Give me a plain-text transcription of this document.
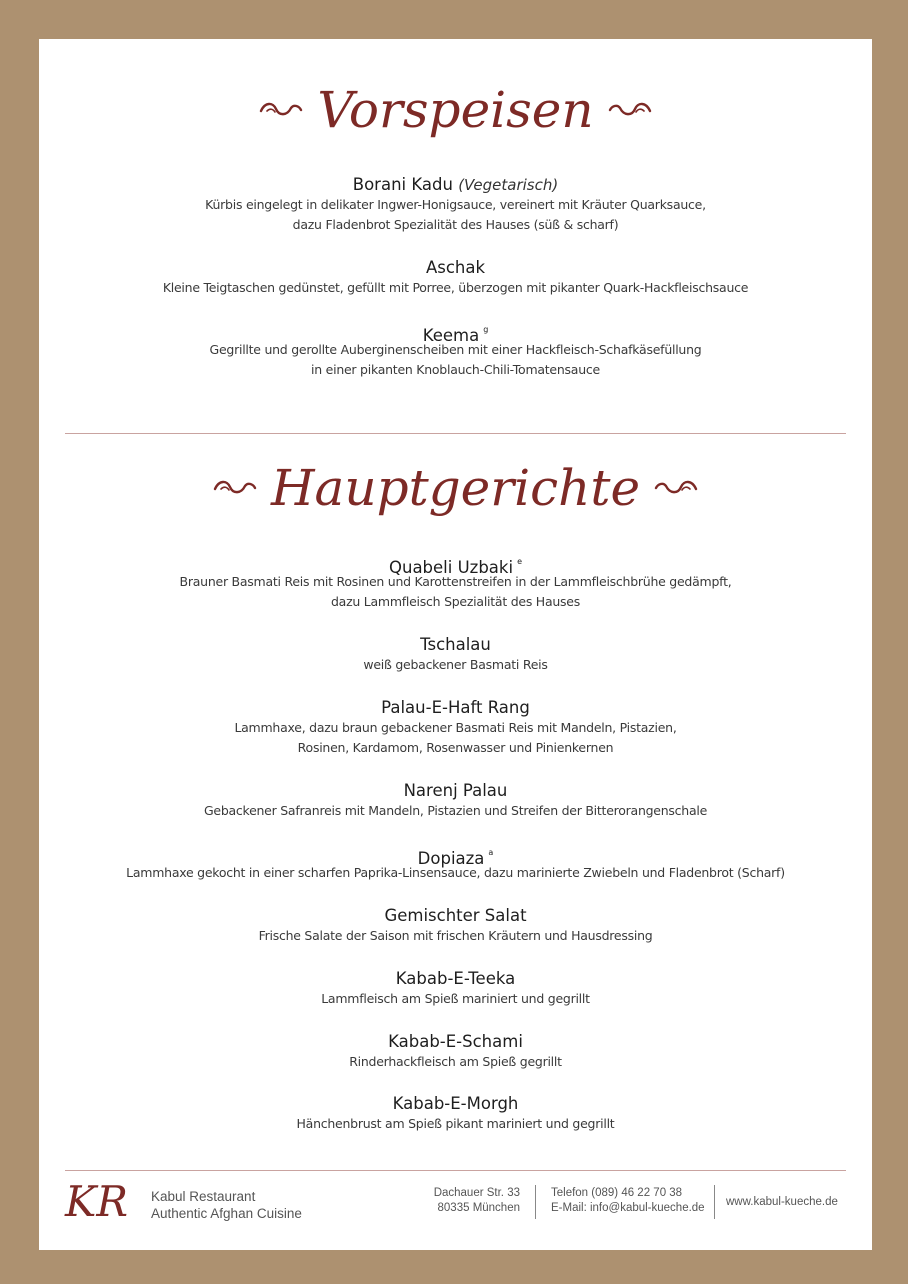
Vorspeisen
Borani Kadu (Vegetarisch)
Kürbis eingelegt in delikater Ingwer-Honigsauce, vereinert mit Kräuter Quarksauce,
dazu Fladenbrot Spezialität des Hauses (süß & scharf)
Aschak
Kleine Teigtaschen gedünstet, gefüllt mit Porree, überzogen mit pikanter Quark-Hackfleischsauce
Keema $^g$
Gegrillte und gerollte Auberginenscheiben mit einer Hackfleisch-Schafkäsefüllung
in einer pikanten Knoblauch-Chili-Tomatensauce
Hauptgerichte
Quabeli Uzbaki $^e$
Brauner Basmati Reis mit Rosinen und Karottenstreifen in der Lammfleischbrühe gedämpft,
dazu Lammfleisch Spezialität des Hauses
Tschalau
weiß gebackener Basmati Reis
Palau-E-Haft Rang
Lammhaxe, dazu braun gebackener Basmati Reis mit Mandeln, Pistazien,
Rosinen, Kardamom, Rosenwasser und Pinienkernen
Narenj Palau
Gebackener Safranreis mit Mandeln, Pistazien und Streifen der Bitterorangenschale
Dopiaza $^a$
Lammhaxe gekocht in einer scharfen Paprika-Linsensauce, dazu marinierte Zwiebeln und Fladenbrot (Scharf)
Gemischter Salat
Frische Salate der Saison mit frischen Kräutern und Hausdressing
Kabab-E-Teeka
Lammfleisch am Spieß mariniert und gegrillt
Kabab-E-Schami
Rinderhackfleisch am Spieß gegrillt
Kabab-E-Morgh
Hänchenbrust am Spieß pikant mariniert und gegrillt
KR Kabul Restaurant
Authentic Afghan Cuisine
Dachauer Str. 33
80335 München
Telefon (089) 46 22 70 38
E-Mail: info@kabul-kueche.de www.kabul-kueche.de
